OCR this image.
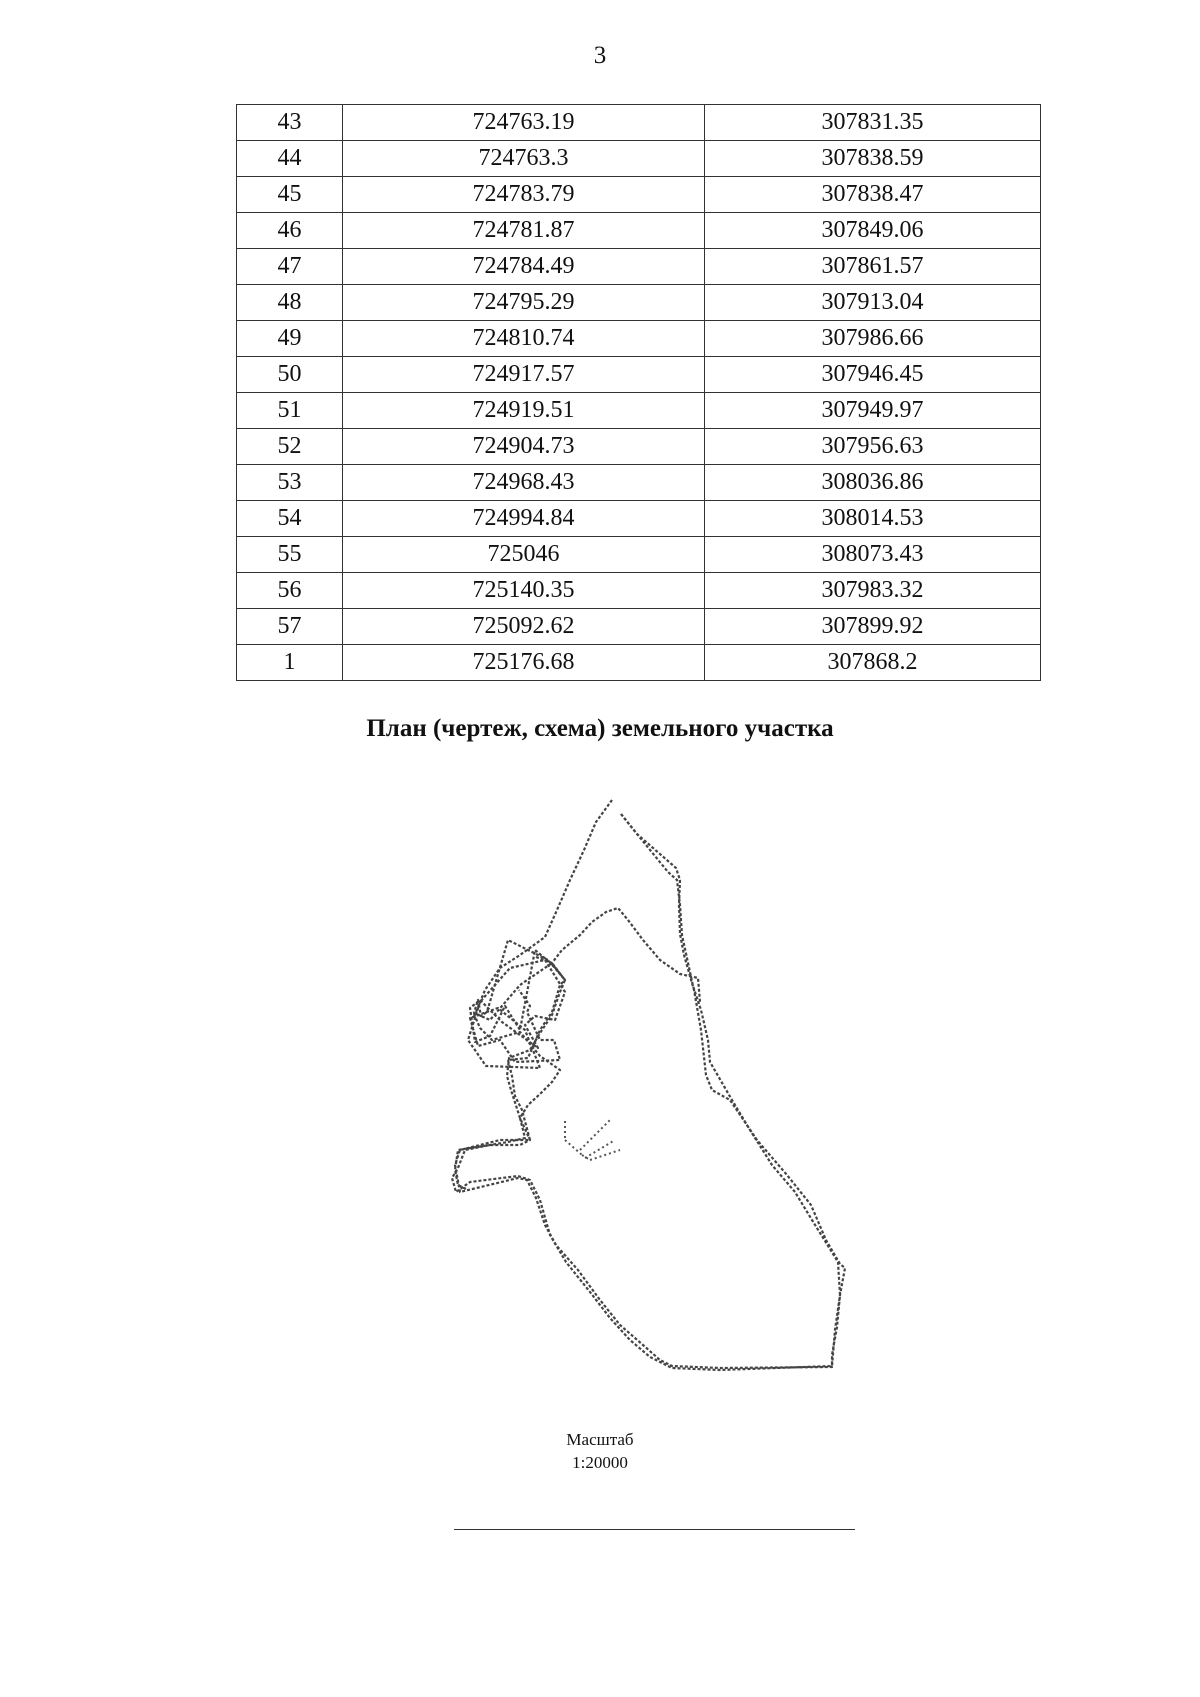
3
43	724763.19	307831.35
44	724763.3	307838.59
45	724783.79	307838.47
46	724781.87	307849.06
47	724784.49	307861.57
48	724795.29	307913.04
49	724810.74	307986.66
50	724917.57	307946.45
51	724919.51	307949.97
52	724904.73	307956.63
53	724968.43	308036.86
54	724994.84	308014.53
55	725046	308073.43
56	725140.35	307983.32
57	725092.62	307899.92
1	725176.68	307868.2
План (чертеж, схема) земельного участка
Масштаб
1:20000
